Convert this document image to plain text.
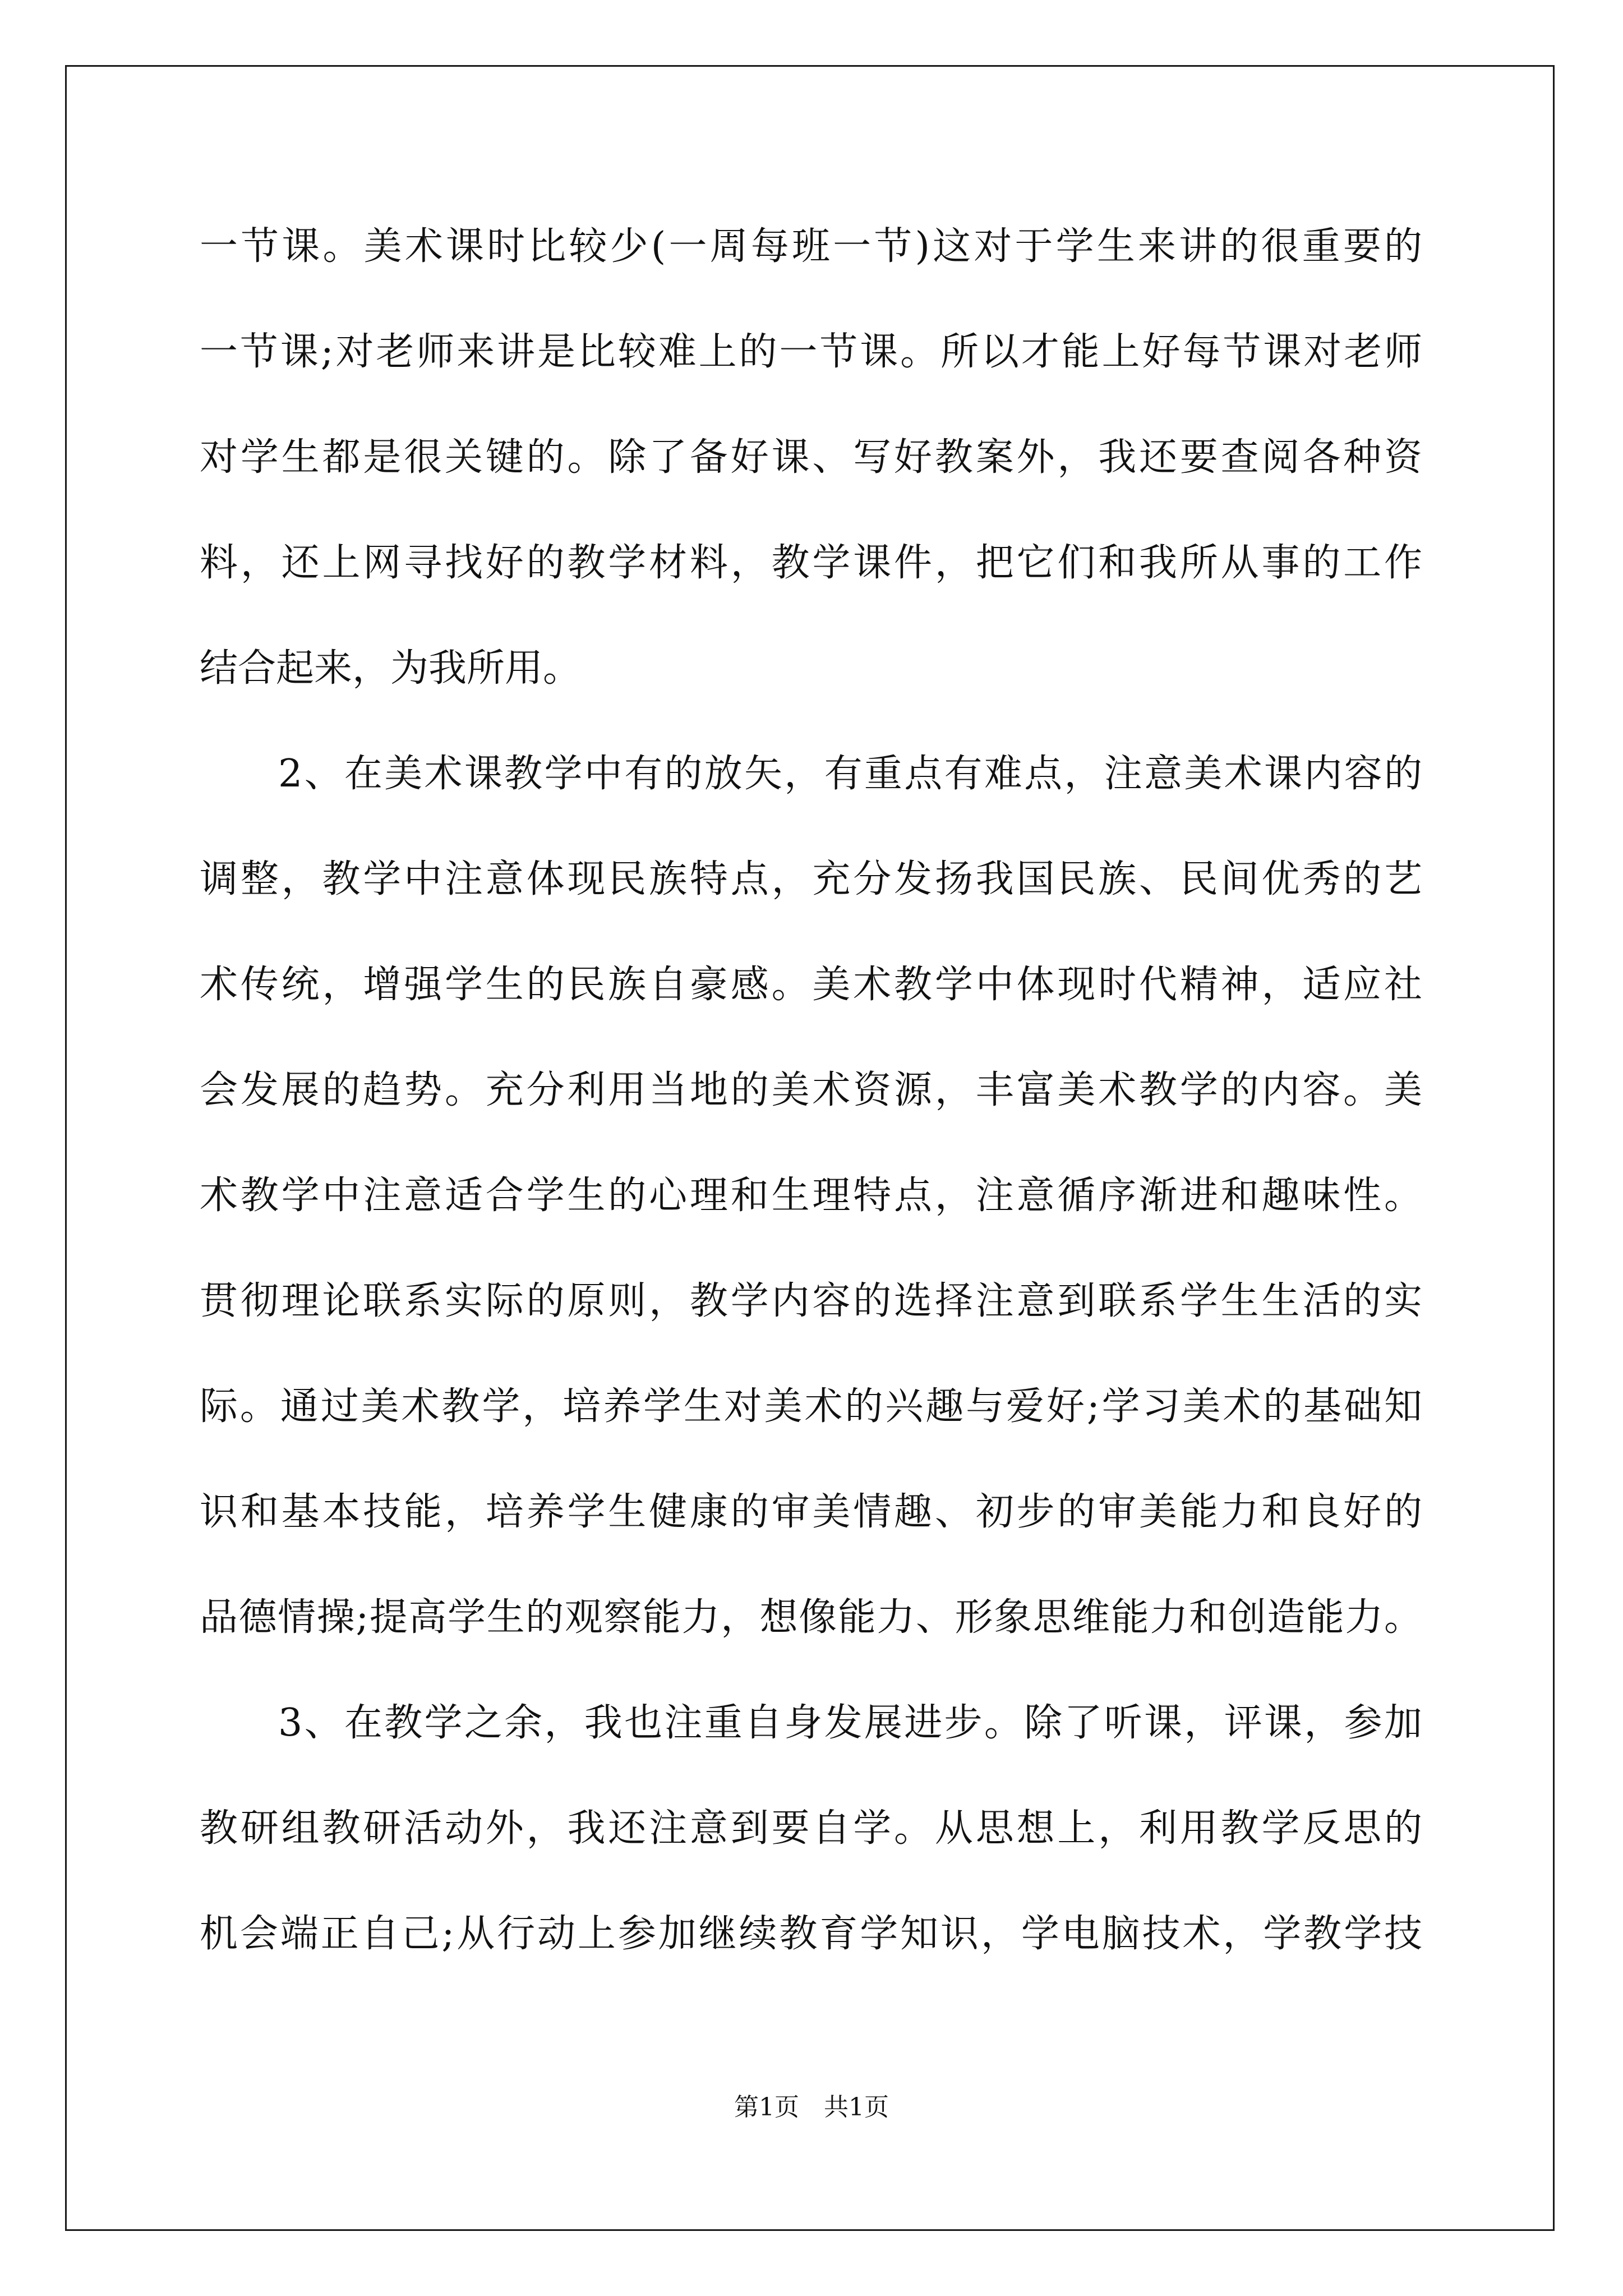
一节课。美术课时比较少(一周每班一节)这对于学生来讲的很重要的
一节课;对老师来讲是比较难上的一节课。所以才能上好每节课对老师
对学生都是很关键的。除了备好课、写好教案外，我还要查阅各种资
料，还上网寻找好的教学材料，教学课件，把它们和我所从事的工作
结合起来，为我所用。
2、在美术课教学中有的放矢，有重点有难点，注意美术课内容的
调整，教学中注意体现民族特点，充分发扬我国民族、民间优秀的艺
术传统，增强学生的民族自豪感。美术教学中体现时代精神，适应社
会发展的趋势。充分利用当地的美术资源，丰富美术教学的内容。美
术教学中注意适合学生的心理和生理特点，注意循序渐进和趣味性。
贯彻理论联系实际的原则，教学内容的选择注意到联系学生生活的实
际。通过美术教学，培养学生对美术的兴趣与爱好;学习美术的基础知
识和基本技能，培养学生健康的审美情趣、初步的审美能力和良好的
品德情操;提高学生的观察能力，想像能力、形象思维能力和创造能力。
3、在教学之余，我也注重自身发展进步。除了听课，评课，参加
教研组教研活动外，我还注意到要自学。从思想上，利用教学反思的
机会端正自己;从行动上参加继续教育学知识，学电脑技术，学教学技
第1页　共1页
